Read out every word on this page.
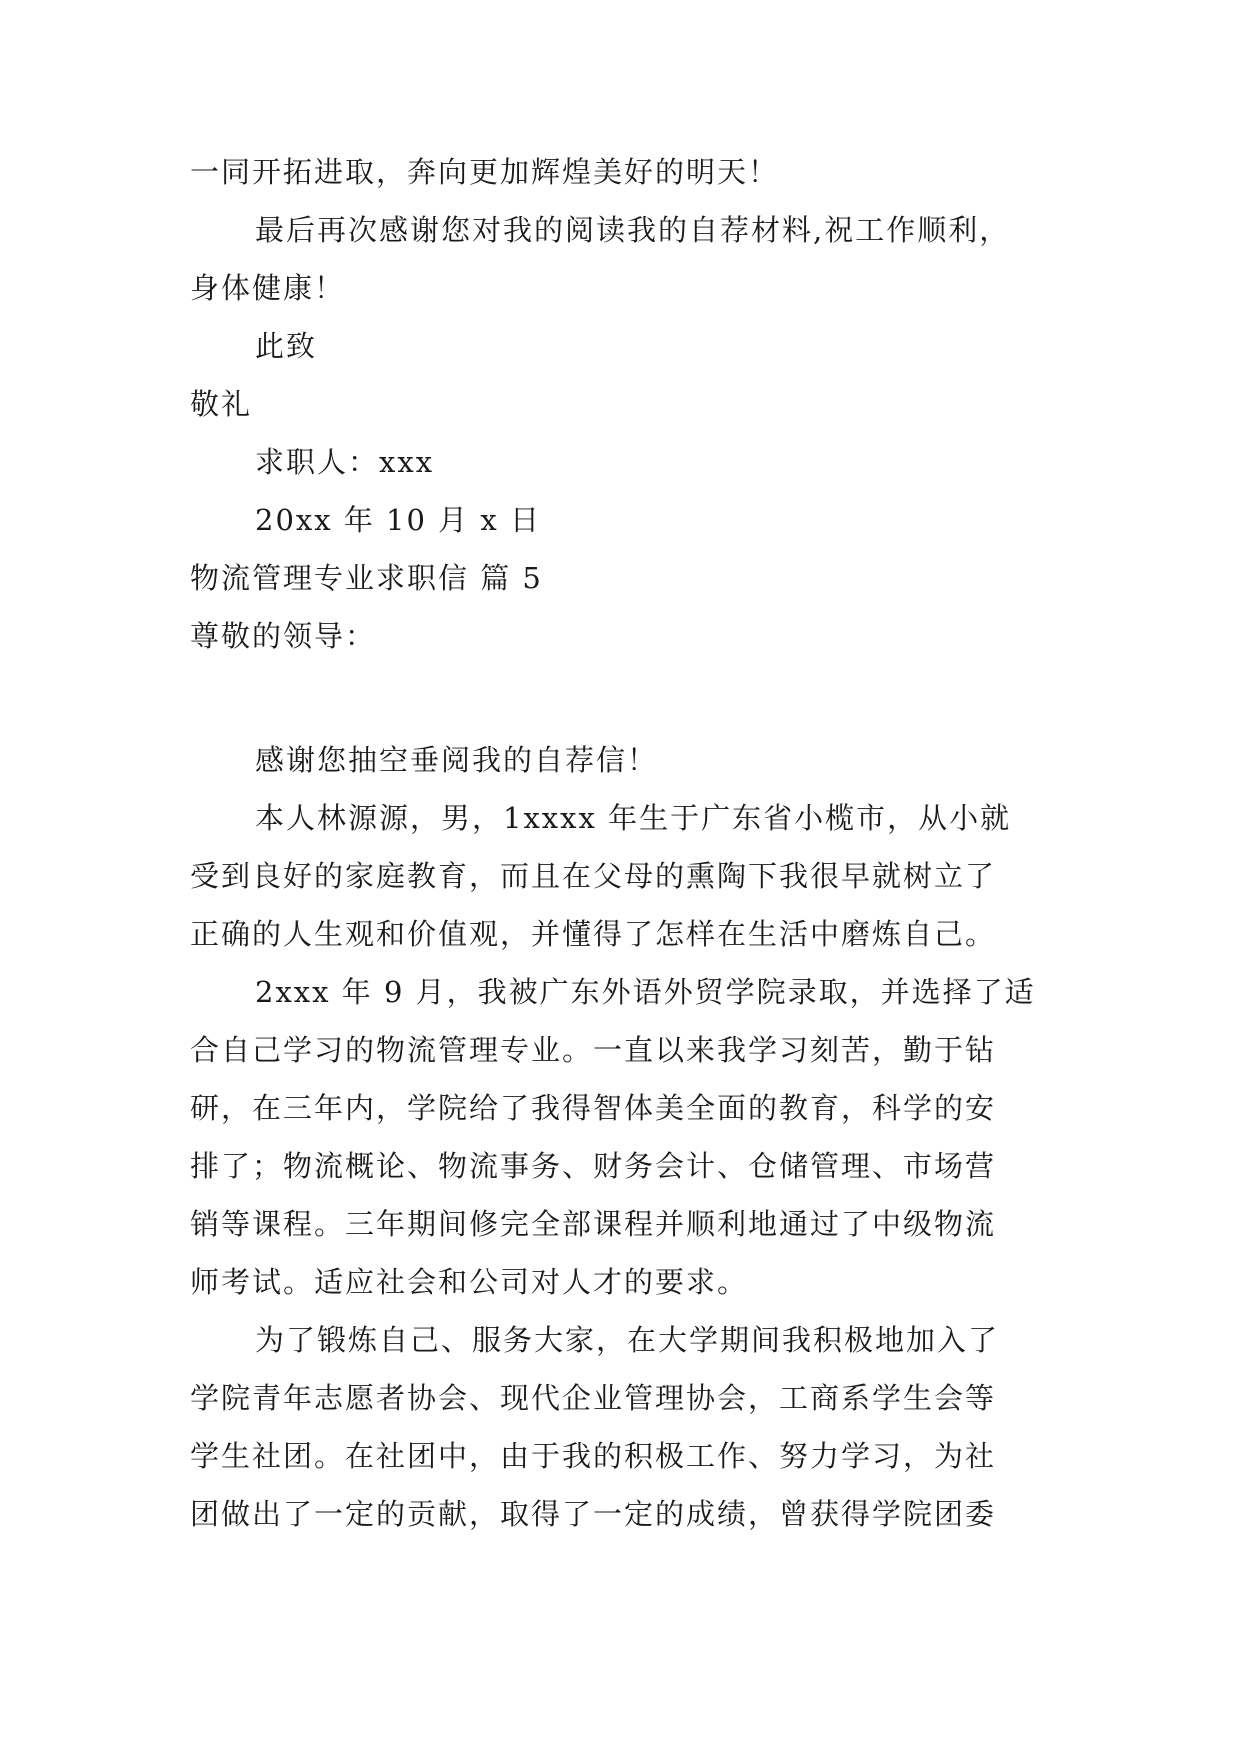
一同开拓进取，奔向更加辉煌美好的明天！
最后再次感谢您对我的阅读我的自荐材料,祝工作顺利，
身体健康！
此致
敬礼
求职人：xxx
20xx 年 10 月 x 日
物流管理专业求职信 篇 5
尊敬的领导：
感谢您抽空垂阅我的自荐信！
本人林源源，男，1xxxx 年生于广东省小榄市，从小就
受到良好的家庭教育，而且在父母的熏陶下我很早就树立了
正确的人生观和价值观，并懂得了怎样在生活中磨炼自己。
2xxx 年 9 月，我被广东外语外贸学院录取，并选择了适
合自己学习的物流管理专业。一直以来我学习刻苦，勤于钻
研，在三年内，学院给了我得智体美全面的教育，科学的安
排了；物流概论、物流事务、财务会计、仓储管理、市场营
销等课程。三年期间修完全部课程并顺利地通过了中级物流
师考试。适应社会和公司对人才的要求。
为了锻炼自己、服务大家，在大学期间我积极地加入了
学院青年志愿者协会、现代企业管理协会，工商系学生会等
学生社团。在社团中，由于我的积极工作、努力学习，为社
团做出了一定的贡献，取得了一定的成绩，曾获得学院团委
